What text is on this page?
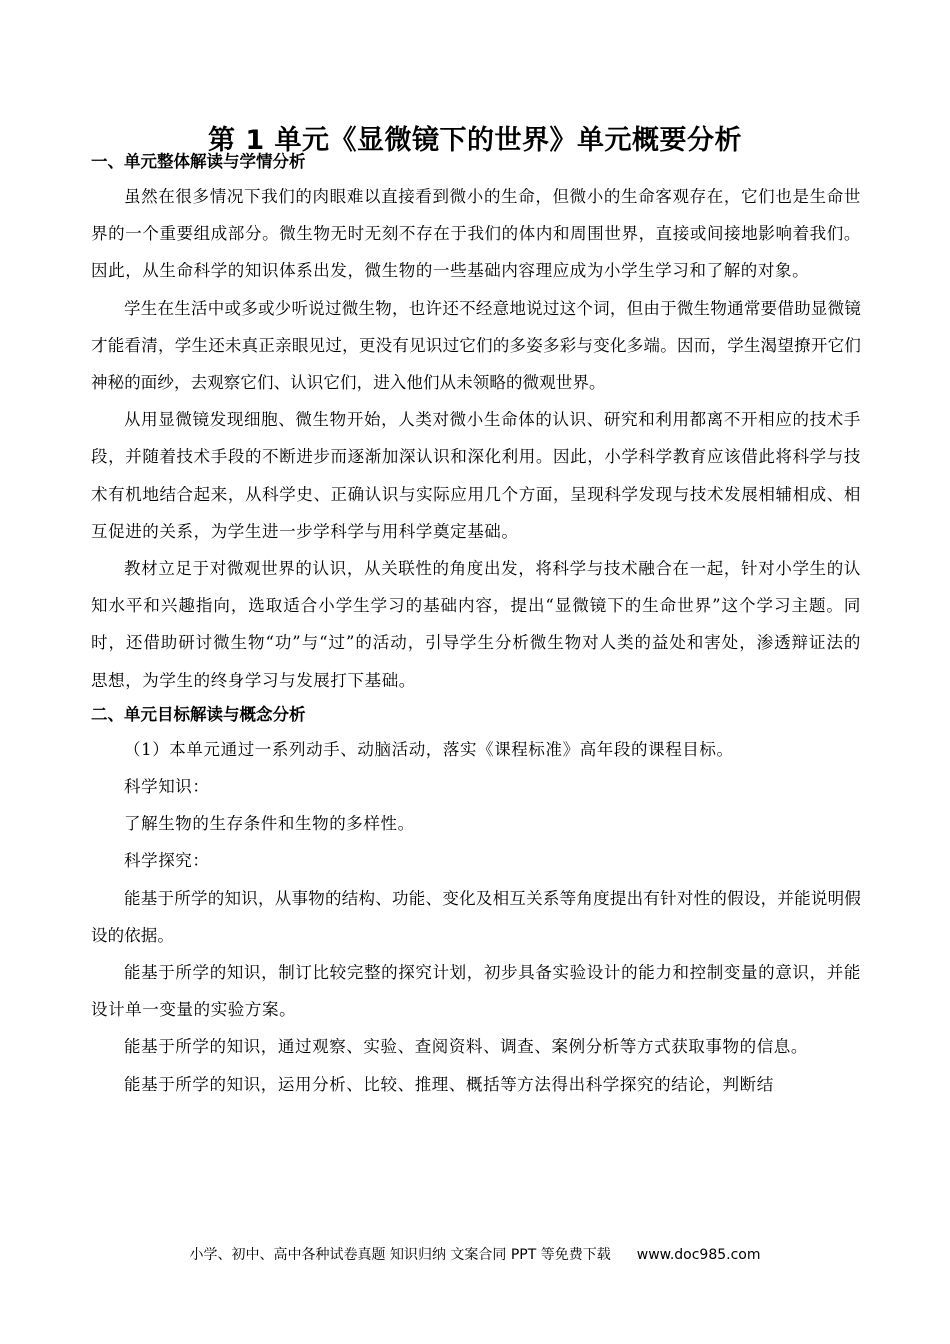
第 1 单元《显微镜下的世界》单元概要分析
一、单元整体解读与学情分析

虽然在很多情况下我们的肉眼难以直接看到微小的生命，但微小的生命客观存在，它们也是生命世界的一个重要组成部分。微生物无时无刻不存在于我们的体内和周围世界，直接或间接地影响着我们。因此，从生命科学的知识体系出发，微生物的一些基础内容理应成为小学生学习和了解的对象。

学生在生活中或多或少听说过微生物，也许还不经意地说过这个词，但由于微生物通常要借助显微镜才能看清，学生还未真正亲眼见过，更没有见识过它们的多姿多彩与变化多端。因而，学生渴望撩开它们神秘的面纱，去观察它们、认识它们，进入他们从未领略的微观世界。

从用显微镜发现细胞、微生物开始，人类对微小生命体的认识、研究和利用都离不开相应的技术手段，并随着技术手段的不断进步而逐渐加深认识和深化利用。因此，小学科学教育应该借此将科学与技术有机地结合起来，从科学史、正确认识与实际应用几个方面，呈现科学发现与技术发展相辅相成、相互促进的关系，为学生进一步学科学与用科学奠定基础。

教材立足于对微观世界的认识，从关联性的角度出发，将科学与技术融合在一起，针对小学生的认知水平和兴趣指向，选取适合小学生学习的基础内容，提出“显微镜下的生命世界”这个学习主题。同时，还借助研讨微生物“功”与“过”的活动，引导学生分析微生物对人类的益处和害处，渗透辩证法的思想，为学生的终身学习与发展打下基础。

二、单元目标解读与概念分析

（1）本单元通过一系列动手、动脑活动，落实《课程标准》高年段的课程目标。

科学知识：

了解生物的生存条件和生物的多样性。

科学探究：

能基于所学的知识，从事物的结构、功能、变化及相互关系等角度提出有针对性的假设，并能说明假设的依据。

能基于所学的知识，制订比较完整的探究计划，初步具备实验设计的能力和控制变量的意识，并能设计单一变量的实验方案。

能基于所学的知识，通过观察、实验、查阅资料、调查、案例分析等方式获取事物的信息。

能基于所学的知识，运用分析、比较、推理、概括等方法得出科学探究的结论，判断结

小学、初中、高中各种试卷真题 知识归纳 文案合同 PPT 等免费下载 www.doc985.com
